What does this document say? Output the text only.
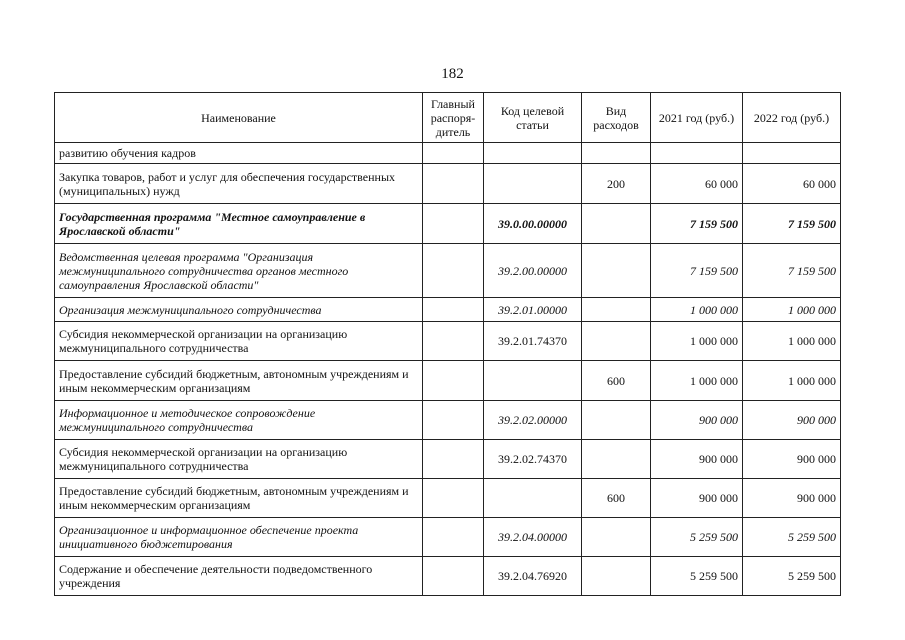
182
Наименование	Главный распоря-дитель	Код целевой статьи	Вид расходов	2021 год (руб.)	2022 год (руб.)
развитию обучения кадров					
Закупка товаров, работ и услуг для обеспечения государственных (муниципальных) нужд			200	60 000	60 000
Государственная программа "Местное самоуправление в Ярославской области"		39.0.00.00000		7 159 500	7 159 500
Ведомственная целевая программа "Организация межмуниципального сотрудничества органов местного самоуправления Ярославской области"		39.2.00.00000		7 159 500	7 159 500
Организация межмуниципального сотрудничества		39.2.01.00000		1 000 000	1 000 000
Субсидия некоммерческой организации на организацию межмуниципального сотрудничества		39.2.01.74370		1 000 000	1 000 000
Предоставление субсидий бюджетным, автономным учреждениям и иным некоммерческим организациям			600	1 000 000	1 000 000
Информационное и методическое сопровождение межмуниципального сотрудничества		39.2.02.00000		900 000	900 000
Субсидия некоммерческой организации на организацию межмуниципального сотрудничества		39.2.02.74370		900 000	900 000
Предоставление субсидий бюджетным, автономным учреждениям и иным некоммерческим организациям			600	900 000	900 000
Организационное и информационное обеспечение проекта инициативного бюджетирования		39.2.04.00000		5 259 500	5 259 500
Содержание и обеспечение деятельности подведомственного учреждения		39.2.04.76920		5 259 500	5 259 500
